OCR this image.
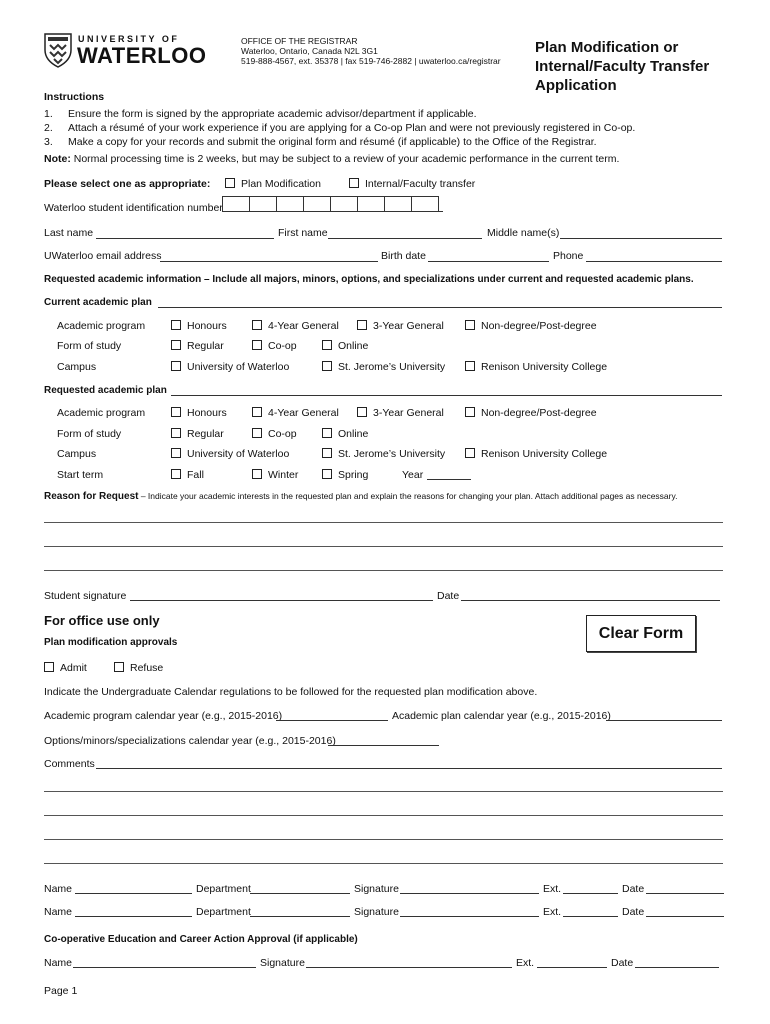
UNIVERSITY OF
WATERLOO
OFFICE OF THE REGISTRAR
Waterloo, Ontario, Canada N2L 3G1
519-888-4567, ext. 35378 | fax 519-746-2882 | uwaterloo.ca/registrar
Plan Modification or
Internal/Faculty Transfer
Application
Instructions
1. Ensure the form is signed by the appropriate academic advisor/department if applicable.
2. Attach a résumé of your work experience if you are applying for a Co-op Plan and were not previously registered in Co-op.
3. Make a copy for your records and submit the original form and résumé (if applicable) to the Office of the Registrar.
Note: Normal processing time is 2 weeks, but may be subject to a review of your academic performance in the current term.
Please select one as appropriate:	Plan Modification	Internal/Faculty transfer
Waterloo student identification number
Last name	First name	Middle name(s)
UWaterloo email address	Birth date	Phone
Requested academic information – Include all majors, minors, options, and specializations under current and requested academic plans.
Current academic plan
Academic program	Honours	4-Year General	3-Year General	Non-degree/Post-degree
Form of study	Regular	Co-op	Online
Campus	University of Waterloo	St. Jerome’s University	Renison University College
Requested academic plan
Academic program	Honours	4-Year General	3-Year General	Non-degree/Post-degree
Form of study	Regular	Co-op	Online
Campus	University of Waterloo	St. Jerome’s University	Renison University College
Start term	Fall	Winter	Spring	Year
Reason for Request – Indicate your academic interests in the requested plan and explain the reasons for changing your plan. Attach additional pages as necessary.
Student signature	Date
For office use only
Plan modification approvals
Clear Form
Admit	Refuse
Indicate the Undergraduate Calendar regulations to be followed for the requested plan modification above.
Academic program calendar year (e.g., 2015-2016)	Academic plan calendar year (e.g., 2015-2016)
Options/minors/specializations calendar year (e.g., 2015-2016)
Comments
Name	Department	Signature	Ext.	Date
Name	Department	Signature	Ext.	Date
Co-operative Education and Career Action Approval (if applicable)
Name	Signature	Ext.	Date
Page 1
